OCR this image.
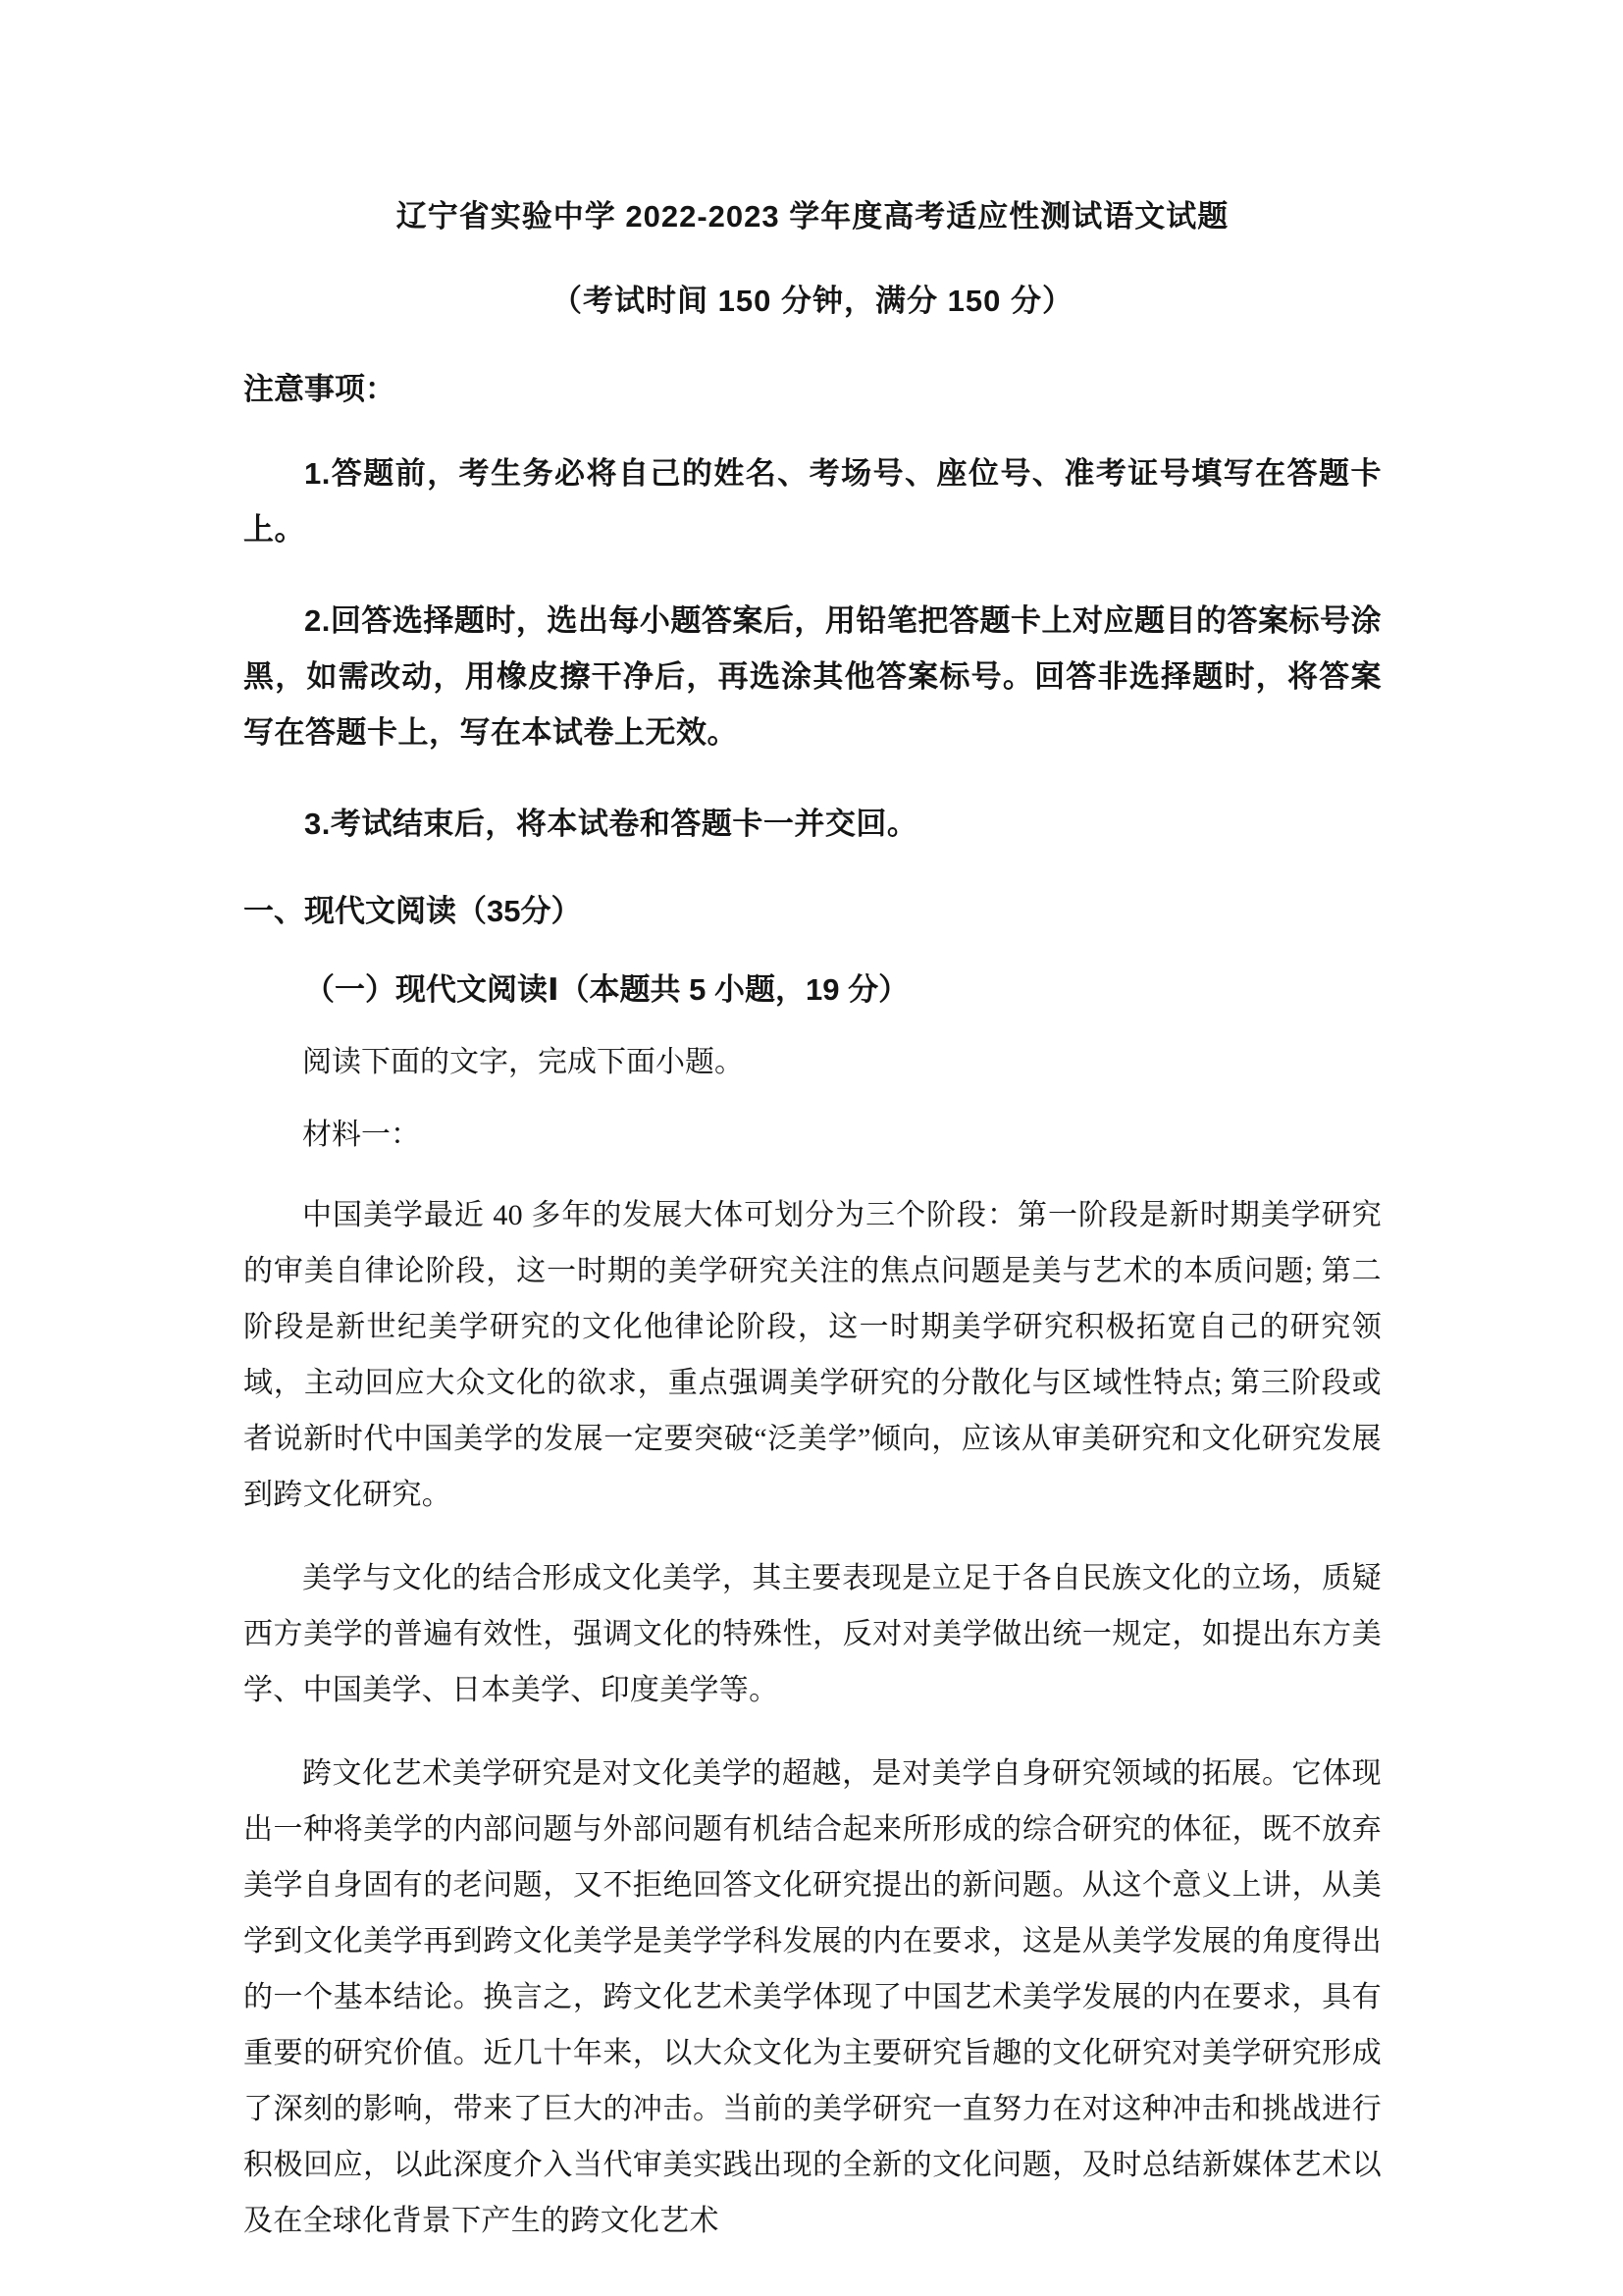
辽宁省实验中学 2022-2023 学年度高考适应性测试语文试题
（考试时间 150 分钟，满分 150 分）
注意事项：

1.答题前，考生务必将自己的姓名、考场号、座位号、准考证号填写在答题卡上。

2.回答选择题时，选出每小题答案后，用铅笔把答题卡上对应题目的答案标号涂黑，如需改动，用橡皮擦干净后，再选涂其他答案标号。回答非选择题时，将答案写在答题卡上，写在本试卷上无效。

3.考试结束后，将本试卷和答题卡一并交回。

一、现代文阅读（35分）
（一）现代文阅读Ⅰ（本题共 5 小题，19 分）
阅读下面的文字，完成下面小题。
材料一：

中国美学最近 40 多年的发展大体可划分为三个阶段：第一阶段是新时期美学研究的审美自律论阶段，这一时期的美学研究关注的焦点问题是美与艺术的本质问题; 第二阶段是新世纪美学研究的文化他律论阶段，这一时期美学研究积极拓宽自己的研究领域，主动回应大众文化的欲求，重点强调美学研究的分散化与区域性特点; 第三阶段或者说新时代中国美学的发展一定要突破“泛美学”倾向，应该从审美研究和文化研究发展到跨文化研究。

美学与文化的结合形成文化美学，其主要表现是立足于各自民族文化的立场，质疑西方美学的普遍有效性，强调文化的特殊性，反对对美学做出统一规定，如提出东方美学、中国美学、日本美学、印度美学等。

跨文化艺术美学研究是对文化美学的超越，是对美学自身研究领域的拓展。它体现出一种将美学的内部问题与外部问题有机结合起来所形成的综合研究的体征，既不放弃美学自身固有的老问题，又不拒绝回答文化研究提出的新问题。从这个意义上讲，从美学到文化美学再到跨文化美学是美学学科发展的内在要求，这是从美学发展的角度得出的一个基本结论。换言之，跨文化艺术美学体现了中国艺术美学发展的内在要求，具有重要的研究价值。近几十年来，以大众文化为主要研究旨趣的文化研究对美学研究形成了深刻的影响，带来了巨大的冲击。当前的美学研究一直努力在对这种冲击和挑战进行积极回应，以此深度介入当代审美实践出现的全新的文化问题，及时总结新媒体艺术以及在全球化背景下产生的跨文化艺术
